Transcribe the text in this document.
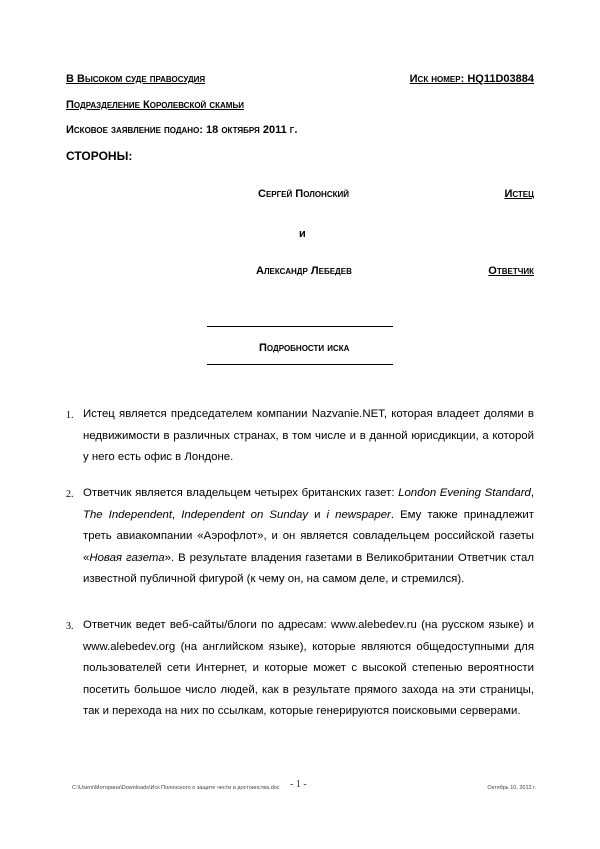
В Высоком суде правосудия	Иск номер: HQ11D03884
Подразделение Королевской скамьи
Исковое заявление подано: 18 октября 2011 г.
СТОРОНЫ:
Сергей Полонский	Истец
и
Александр Лебедев	Ответчик
Подробности иска
1. Истец является председателем компании Nazvanie.NET, которая владеет долями в недвижимости в различных странах, в том числе и в данной юрисдикции, а которой у него есть офис в Лондоне.
2. Ответчик является владельцем четырех британских газет: London Evening Standard, The Independent, Independent on Sunday и i newspaper. Ему также принадлежит треть авиакомпании «Аэрофлот», и он является совладельцем российской газеты «Новая газета». В результате владения газетами в Великобритании Ответчик стал известной публичной фигурой (к чему он, на самом деле, и стремился).
3. Ответчик ведет веб-сайты/блоги по адресам: www.alebedev.ru (на русском языке) и www.alebedev.org (на английском языке), которые являются общедоступными для пользователей сети Интернет, и которые может с высокой степенью вероятности посетить большое число людей, как в результате прямого захода на эти страницы, так и перехода на них по ссылкам, которые генерируются поисковыми серверами.
C:\Users\Моторина\Downloads\Иск Полонского о защите чести и достоинства.doc - 1 -	Октябрь 10, 2012 г.
